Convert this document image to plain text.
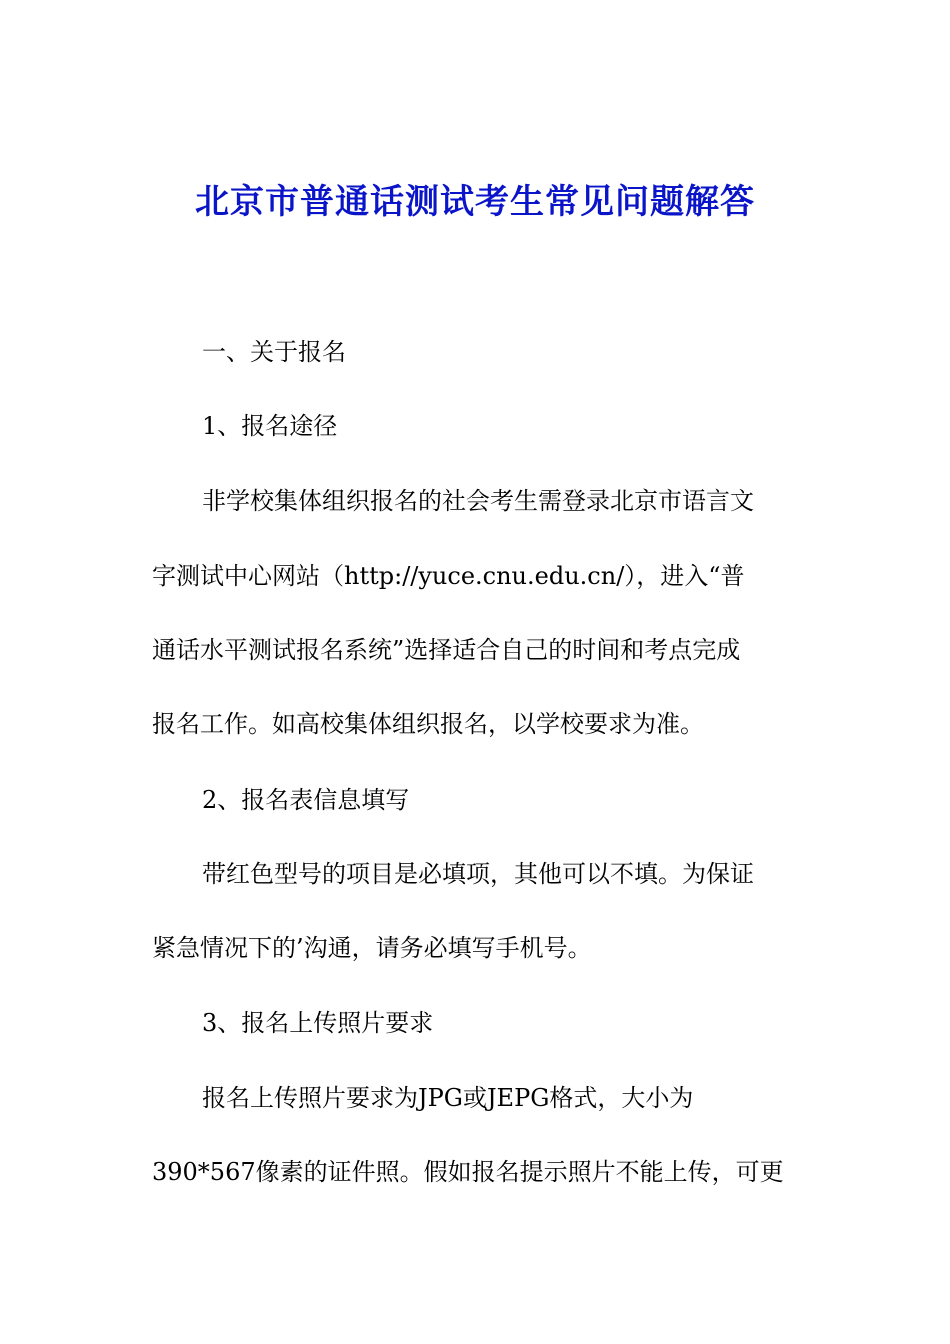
北京市普通话测试考生常见问题解答
一、关于报名
1、报名途径
非学校集体组织报名的社会考生需登录北京市语言文
字测试中心网站（http://yuce.cnu.edu.cn/），进入“普
通话水平测试报名系统”选择适合自己的时间和考点完成
报名工作。如高校集体组织报名，以学校要求为准。
2、报名表信息填写
带红色型号的项目是必填项，其他可以不填。为保证
紧急情况下的’沟通，请务必填写手机号。
3、报名上传照片要求
报名上传照片要求为JPG或JEPG格式，大小为
390*567像素的证件照。假如报名提示照片不能上传，可更
